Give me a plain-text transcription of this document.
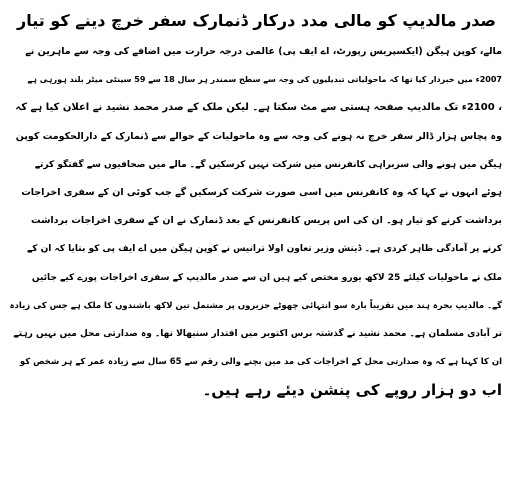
صدر مالدیپ کو مالی مدد درکار ڈنمارک سفر خرچ دینے کو تیار
مالے، کوپن ہیگن (ایکسپریس رپورٹ، اے ایف پی) عالمی درجہ حرارت میں اضافے کی وجہ سے ماہرین نے
2007ء میں خبردار کیا تھا کہ ماحولیاتی تبدیلیوں کی وجہ سے سطح سمندر ہر سال 18 سے 59 سینٹی میٹر بلند ہورہی ہے
، 2100ء تک مالدیپ صفحہ ہستی سے مٹ سکتا ہے۔ لیکن ملک کے صدر محمد نشید نے اعلان کیا ہے کہ
وہ پچاس ہزار ڈالر سفر خرچ نہ ہونے کی وجہ سے وہ ماحولیات کے حوالے سے ڈنمارک کے دارالحکومت کوپن
ہیگن میں ہونے والی سربراہی کانفرنس میں شرکت نہیں کرسکیں گے۔ مالے میں صحافیوں سے گفتگو کرتے
ہوئے انہوں نے کہا کہ وہ کانفرنس میں اسی صورت شرکت کرسکیں گے جب کوئی ان کے سفری اخراجات
برداشت کرنے کو تیار ہو۔ ان کی اس پریس کانفرنس کے بعد ڈنمارک نے ان کے سفری اخراجات برداشت
کرنے پر آمادگی ظاہر کردی ہے۔ ڈینش وزیر تعاون اولا ترانیس نے کوپن ہیگن میں اے ایف پی کو بتایا کہ ان کے
ملک نے ماحولیات کیلئے 25 لاکھ یورو مختص کیے ہیں ان سے صدر مالدیپ کے سفری اخراجات پورے کیے جائیں
گے۔ مالدیپ بحرہ ہند میں تقریباً بارہ سو انتہائی چھوٹے جزیروں پر مشتمل تین لاکھ باشندوں کا ملک ہے جس کی زیادہ
تر آبادی مسلمان ہے۔ محمد نشید نے گذشتہ برس اکتوبر میں اقتدار سنبھالا تھا۔ وہ صدارتی محل میں نہیں رہتے
ان کا کہنا ہے کہ وہ صدارتی محل کے اخراجات کی مد میں بچنے والی رقم سے 65 سال سے زیادہ عمر کے ہر شخص کو
اب دو ہزار روپے کی پنشن دیئے رہے ہیں۔
